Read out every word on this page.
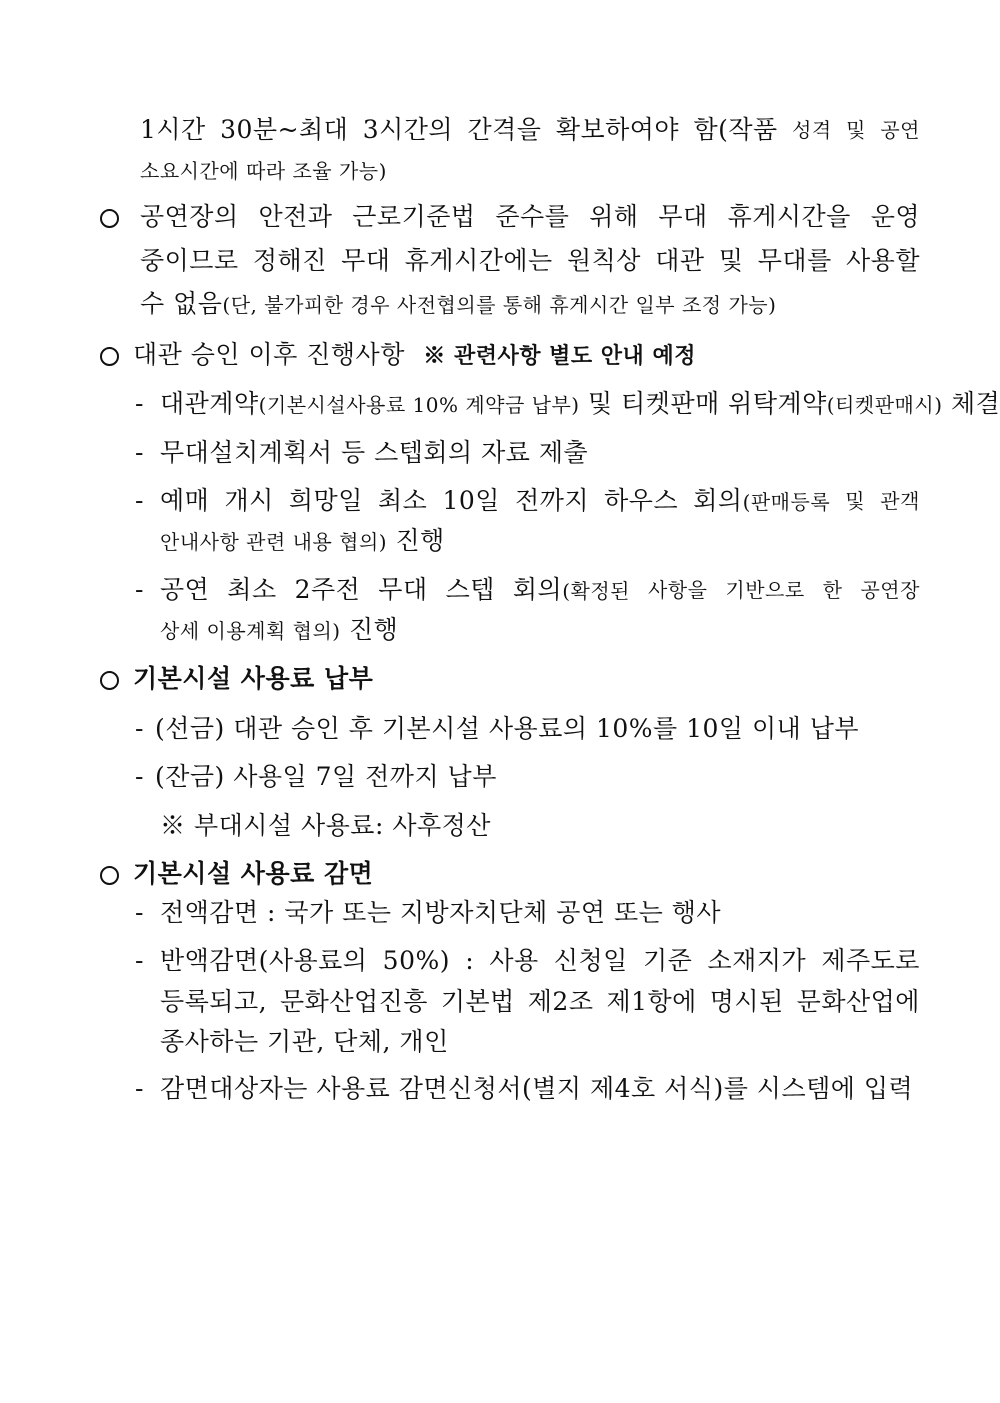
1시간 30분~최대 3시간의 간격을 확보하여야 함(작품 성격 및 공연
소요시간에 따라 조율 가능)
공연장의 안전과 근로기준법 준수를 위해 무대 휴게시간을 운영
중이므로 정해진 무대 휴게시간에는 원칙상 대관 및 무대를 사용할
수 없음(단, 불가피한 경우 사전협의를 통해 휴게시간 일부 조정 가능)
대관 승인 이후 진행사항 ※ 관련사항 별도 안내 예정
- 대관계약(기본시설사용료 10% 계약금 납부) 및 티켓판매 위탁계약(티켓판매시) 체결
- 무대설치계획서 등 스텝회의 자료 제출
- 예매 개시 희망일 최소 10일 전까지 하우스 회의(판매등록 및 관객
안내사항 관련 내용 협의) 진행
- 공연 최소 2주전 무대 스텝 회의(확정된 사항을 기반으로 한 공연장
상세 이용계획 협의) 진행
기본시설 사용료 납부
- (선금) 대관 승인 후 기본시설 사용료의 10%를 10일 이내 납부
- (잔금) 사용일 7일 전까지 납부
※ 부대시설 사용료: 사후정산
기본시설 사용료 감면
- 전액감면 : 국가 또는 지방자치단체 공연 또는 행사
- 반액감면(사용료의 50%) : 사용 신청일 기준 소재지가 제주도로
등록되고, 문화산업진흥 기본법 제2조 제1항에 명시된 문화산업에
종사하는 기관, 단체, 개인
- 감면대상자는 사용료 감면신청서(별지 제4호 서식)를 시스템에 입력
